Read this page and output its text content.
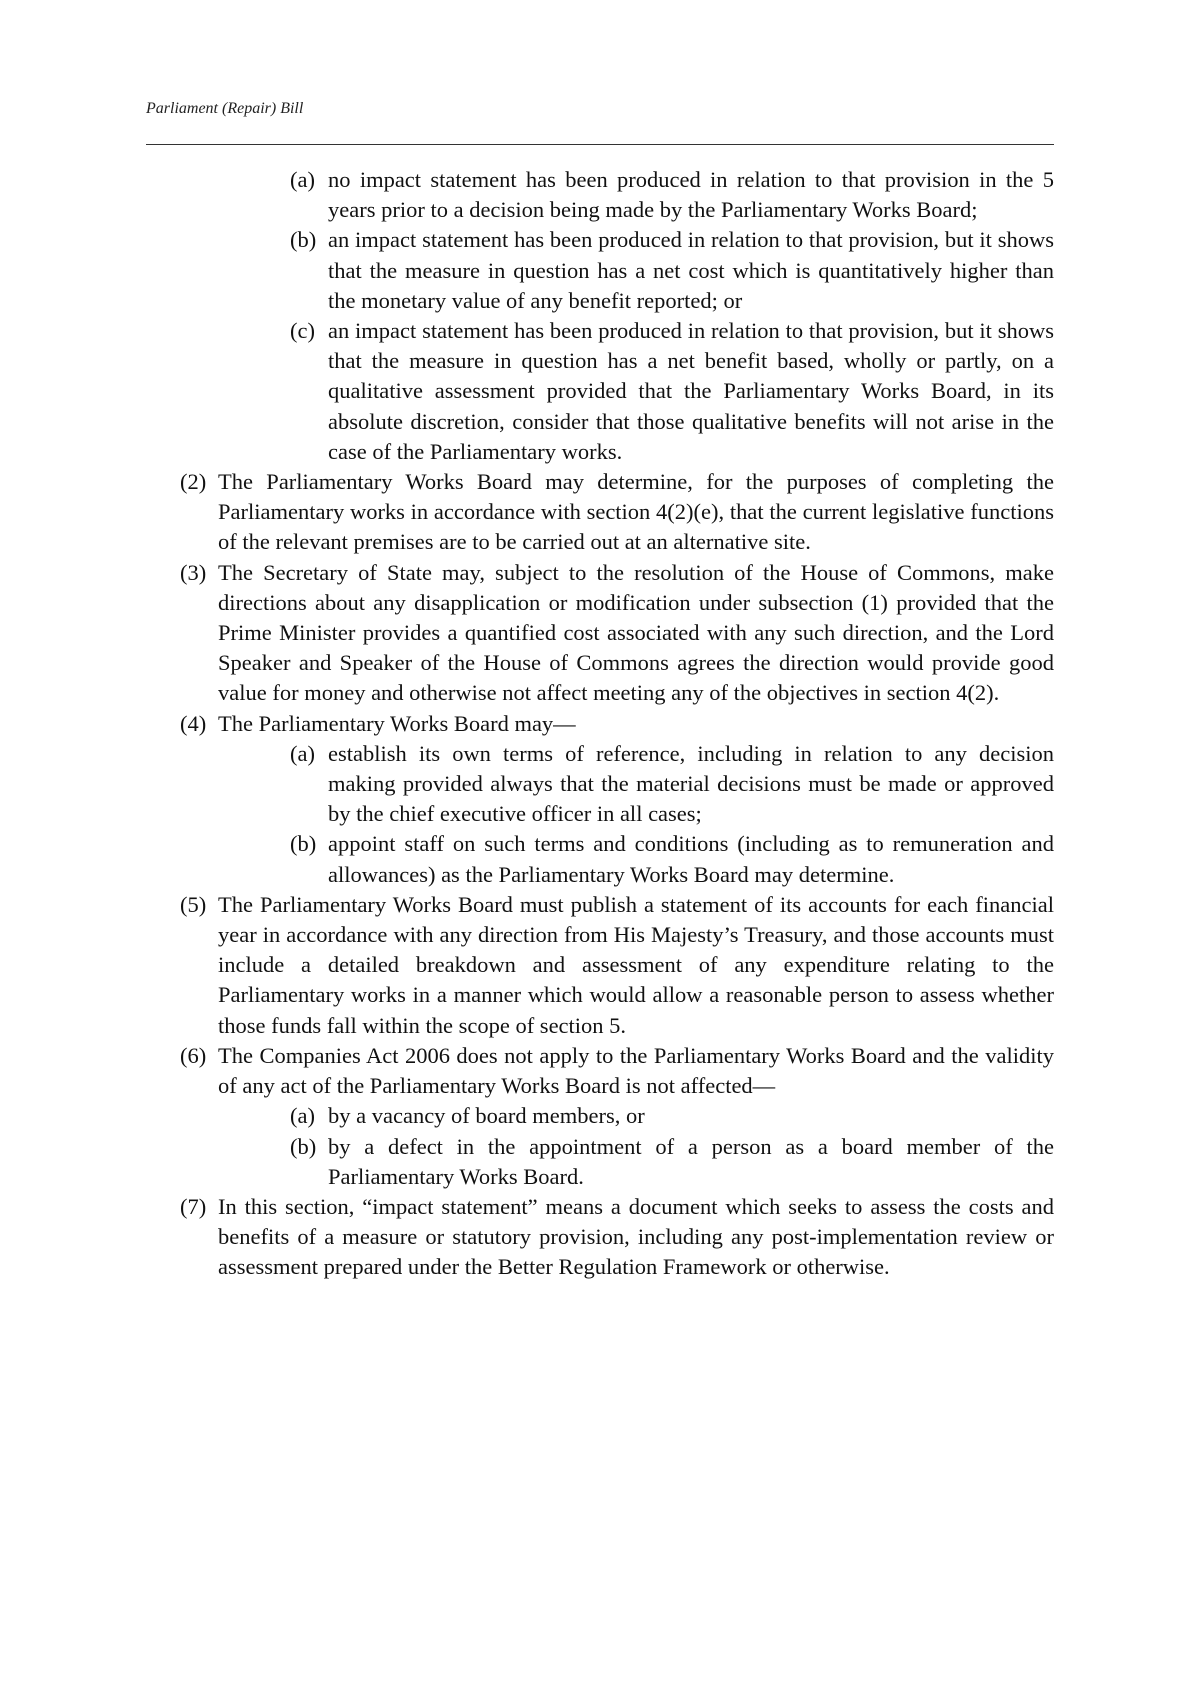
Parliament (Repair) Bill
(a) no impact statement has been produced in relation to that provision in the 5 years prior to a decision being made by the Parliamentary Works Board;
(b) an impact statement has been produced in relation to that provision, but it shows that the measure in question has a net cost which is quantitatively higher than the monetary value of any benefit reported; or
(c) an impact statement has been produced in relation to that provision, but it shows that the measure in question has a net benefit based, wholly or partly, on a qualitative assessment provided that the Parliamentary Works Board, in its absolute discretion, consider that those qualitative benefits will not arise in the case of the Parliamentary works.
(2) The Parliamentary Works Board may determine, for the purposes of completing the Parliamentary works in accordance with section 4(2)(e), that the current legislative functions of the relevant premises are to be carried out at an alternative site.
(3) The Secretary of State may, subject to the resolution of the House of Commons, make directions about any disapplication or modification under subsection (1) provided that the Prime Minister provides a quantified cost associated with any such direction, and the Lord Speaker and Speaker of the House of Commons agrees the direction would provide good value for money and otherwise not affect meeting any of the objectives in section 4(2).
(4) The Parliamentary Works Board may—
(a) establish its own terms of reference, including in relation to any decision making provided always that the material decisions must be made or approved by the chief executive officer in all cases;
(b) appoint staff on such terms and conditions (including as to remuneration and allowances) as the Parliamentary Works Board may determine.
(5) The Parliamentary Works Board must publish a statement of its accounts for each financial year in accordance with any direction from His Majesty’s Treasury, and those accounts must include a detailed breakdown and assessment of any expenditure relating to the Parliamentary works in a manner which would allow a reasonable person to assess whether those funds fall within the scope of section 5.
(6) The Companies Act 2006 does not apply to the Parliamentary Works Board and the validity of any act of the Parliamentary Works Board is not affected—
(a) by a vacancy of board members, or
(b) by a defect in the appointment of a person as a board member of the Parliamentary Works Board.
(7) In this section, “impact statement” means a document which seeks to assess the costs and benefits of a measure or statutory provision, including any post-implementation review or assessment prepared under the Better Regulation Framework or otherwise.
